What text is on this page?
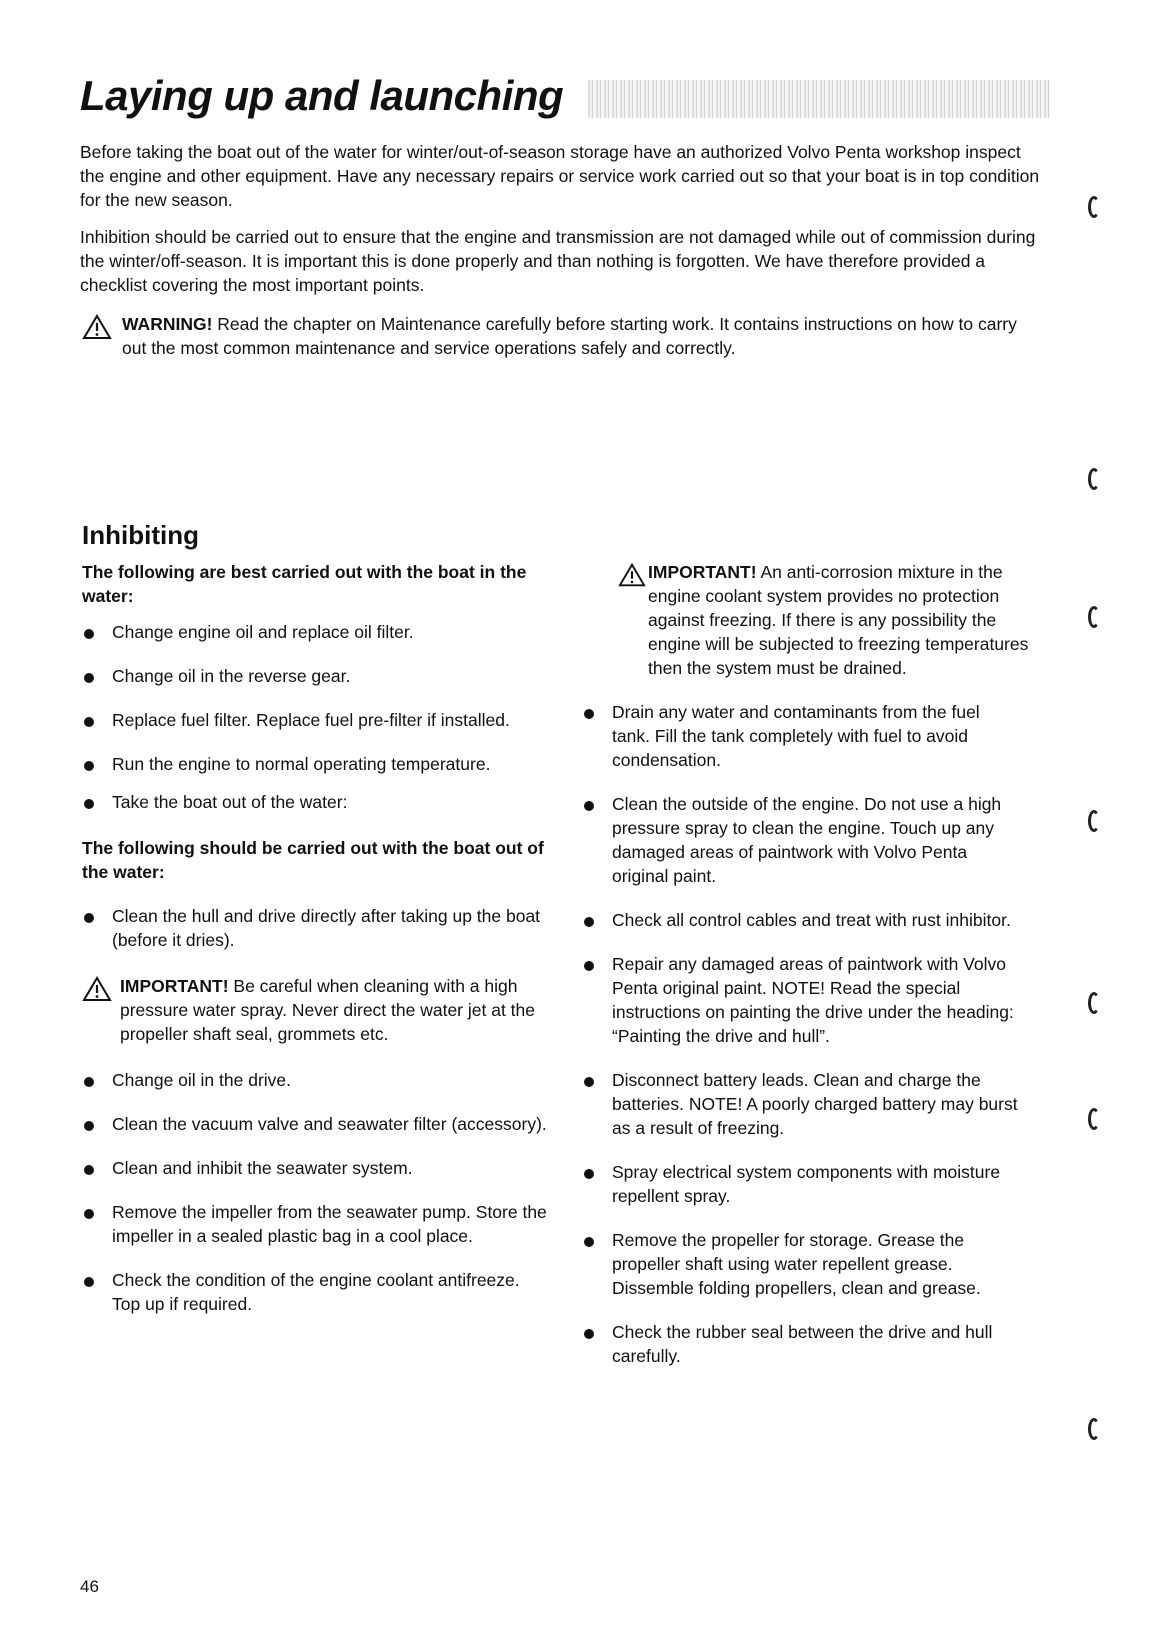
Laying up and launching

Before taking the boat out of the water for winter/out-of-season storage have an authorized Volvo Penta workshop inspect the engine and other equipment. Have any necessary repairs or service work carried out so that your boat is in top condition for the new season.

Inhibition should be carried out to ensure that the engine and transmission are not damaged while out of commission during the winter/off-season. It is important this is done properly and than nothing is forgotten. We have therefore provided a checklist covering the most important points.

WARNING! Read the chapter on Maintenance carefully before starting work. It contains instructions on how to carry out the most common maintenance and service operations safely and correctly.
Inhibiting

The following are best carried out with the boat in the water:

Change engine oil and replace oil filter.
Change oil in the reverse gear.
Replace fuel filter. Replace fuel pre-filter if installed.
Run the engine to normal operating temperature.
Take the boat out of the water:

The following should be carried out with the boat out of the water:

Clean the hull and drive directly after taking up the boat (before it dries).
IMPORTANT! Be careful when cleaning with a high pressure water spray. Never direct the water jet at the propeller shaft seal, grommets etc.
Change oil in the drive.
Clean the vacuum valve and seawater filter (accessory).
Clean and inhibit the seawater system.
Remove the impeller from the seawater pump. Store the impeller in a sealed plastic bag in a cool place.
Check the condition of the engine coolant antifreeze. Top up if required.
IMPORTANT! An anti-corrosion mixture in the engine coolant system provides no protection against freezing. If there is any possibility the engine will be subjected to freezing temperatures then the system must be drained.
Drain any water and contaminants from the fuel tank. Fill the tank completely with fuel to avoid condensation.
Clean the outside of the engine. Do not use a high pressure spray to clean the engine. Touch up any damaged areas of paintwork with Volvo Penta original paint.
Check all control cables and treat with rust inhibitor.
Repair any damaged areas of paintwork with Volvo Penta original paint. NOTE! Read the special instructions on painting the drive under the heading: “Painting the drive and hull”.
Disconnect battery leads. Clean and charge the batteries. NOTE! A poorly charged battery may burst as a result of freezing.
Spray electrical system components with moisture repellent spray.
Remove the propeller for storage. Grease the propeller shaft using water repellent grease. Dissemble folding propellers, clean and grease.
Check the rubber seal between the drive and hull carefully.
46
